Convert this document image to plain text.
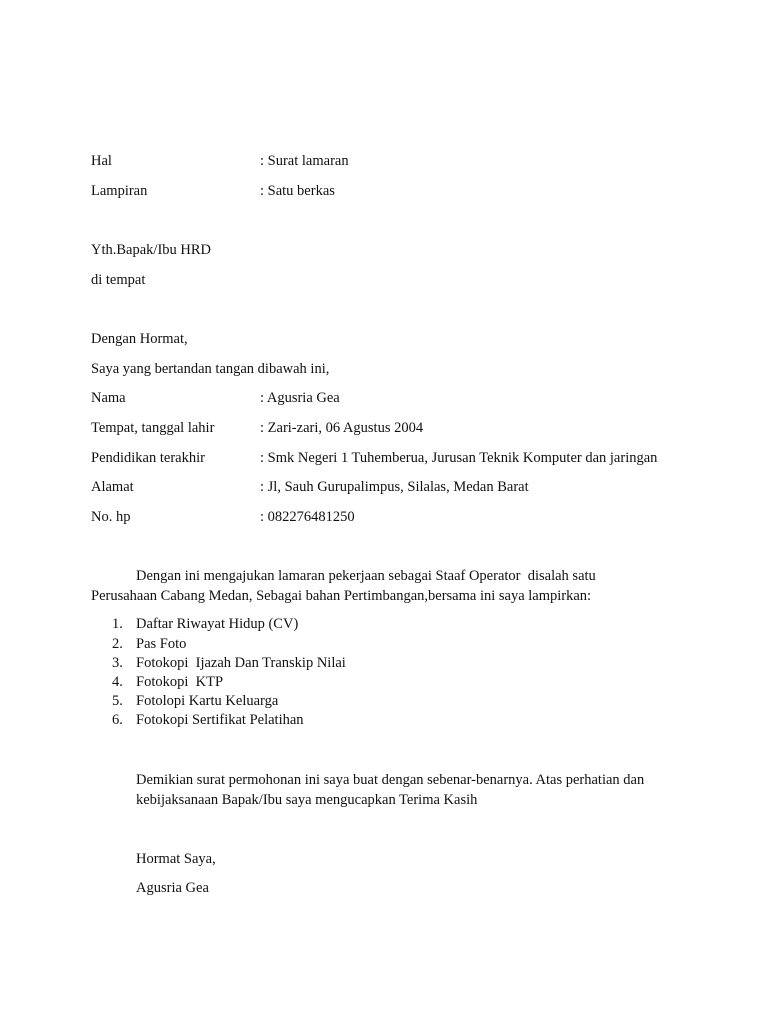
Hal	: Surat lamaran
Lampiran	: Satu berkas
Yth.Bapak/Ibu HRD
di tempat
Dengan Hormat,
Saya yang bertandan tangan dibawah ini,
Nama	: Agusria Gea
Tempat, tanggal lahir	: Zari-zari, 06 Agustus 2004
Pendidikan terakhir	: Smk Negeri 1 Tuhemberua, Jurusan Teknik Komputer dan jaringan
Alamat	: Jl, Sauh Gurupalimpus, Silalas, Medan Barat
No. hp	: 082276481250
Dengan ini mengajukan lamaran pekerjaan sebagai Staaf Operator  disalah satu
Perusahaan Cabang Medan, Sebagai bahan Pertimbangan,bersama ini saya lampirkan:
1. Daftar Riwayat Hidup (CV)
2. Pas Foto
3. Fotokopi  Ijazah Dan Transkip Nilai
4. Fotokopi  KTP
5. Fotolopi Kartu Keluarga
6. Fotokopi Sertifikat Pelatihan
Demikian surat permohonan ini saya buat dengan sebenar-benarnya. Atas perhatian dan
kebijaksanaan Bapak/Ibu saya mengucapkan Terima Kasih
Hormat Saya,
Agusria Gea
